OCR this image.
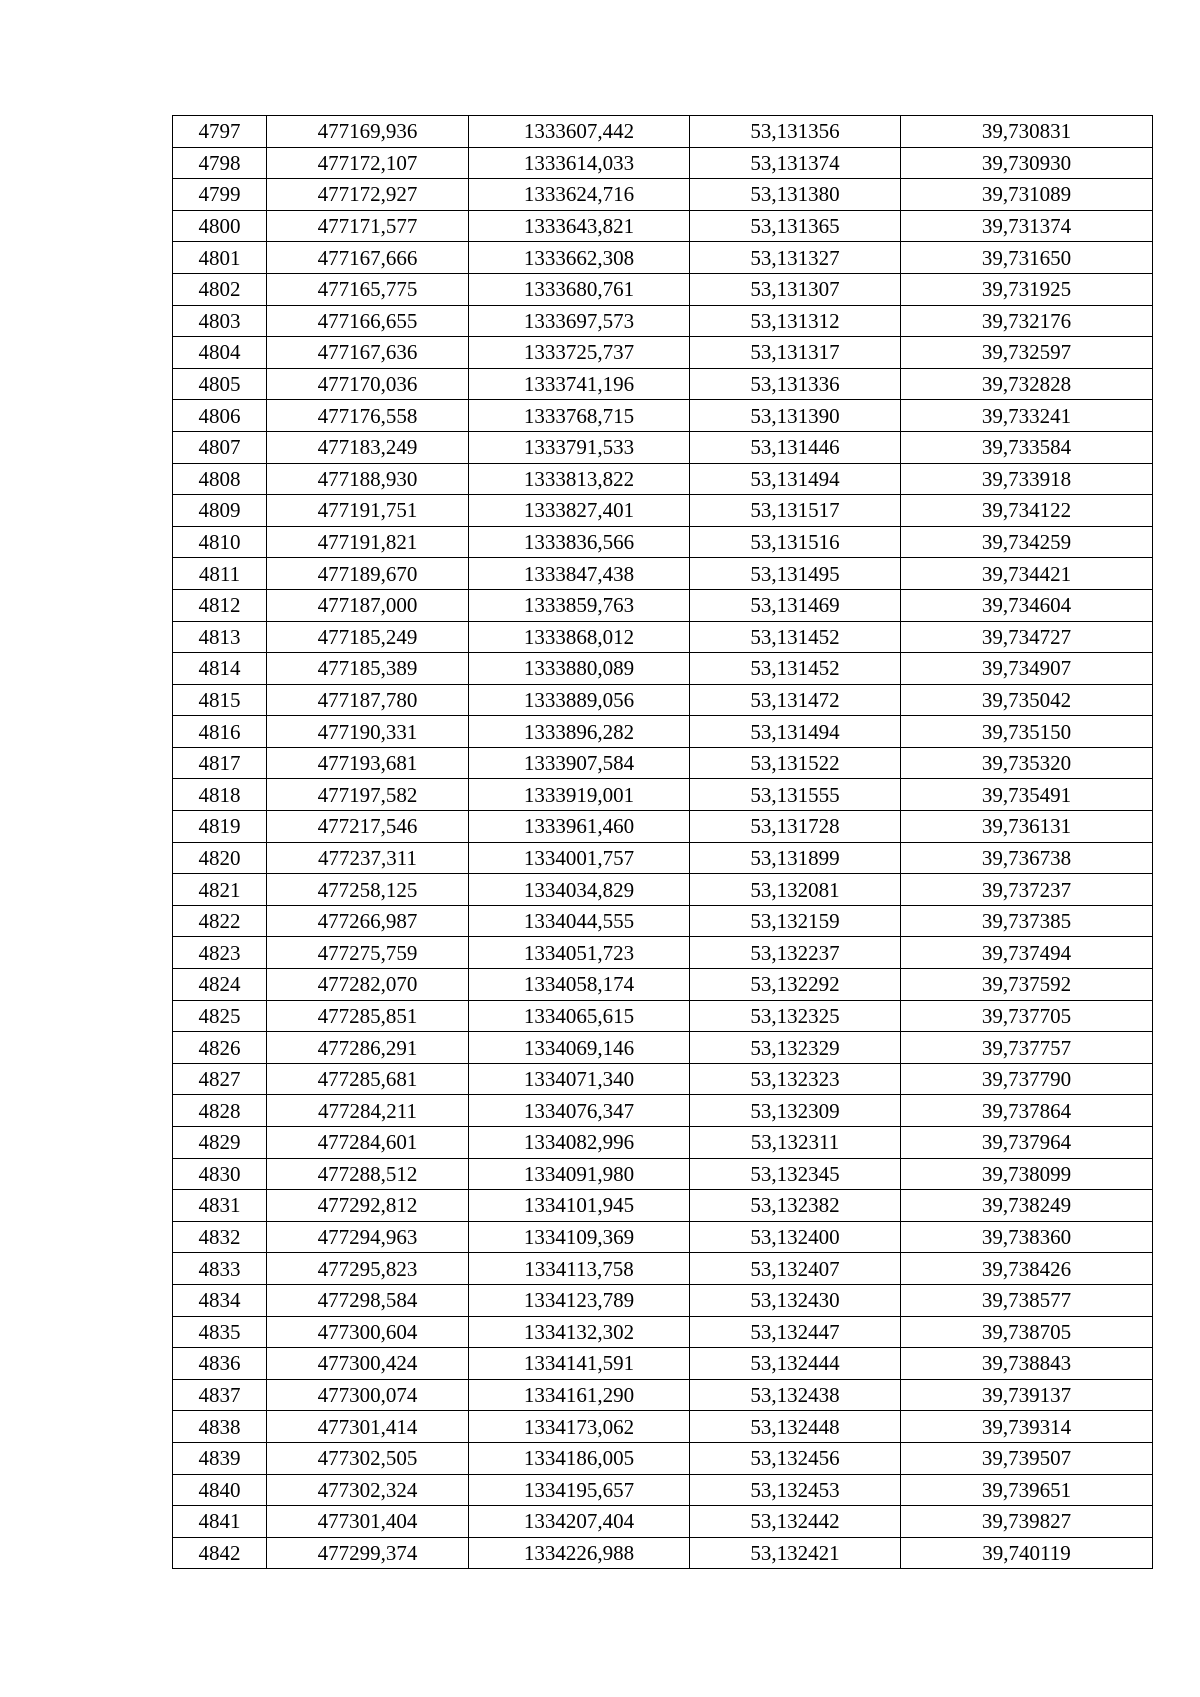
4797	477169,936	1333607,442	53,131356	39,730831
4798	477172,107	1333614,033	53,131374	39,730930
4799	477172,927	1333624,716	53,131380	39,731089
4800	477171,577	1333643,821	53,131365	39,731374
4801	477167,666	1333662,308	53,131327	39,731650
4802	477165,775	1333680,761	53,131307	39,731925
4803	477166,655	1333697,573	53,131312	39,732176
4804	477167,636	1333725,737	53,131317	39,732597
4805	477170,036	1333741,196	53,131336	39,732828
4806	477176,558	1333768,715	53,131390	39,733241
4807	477183,249	1333791,533	53,131446	39,733584
4808	477188,930	1333813,822	53,131494	39,733918
4809	477191,751	1333827,401	53,131517	39,734122
4810	477191,821	1333836,566	53,131516	39,734259
4811	477189,670	1333847,438	53,131495	39,734421
4812	477187,000	1333859,763	53,131469	39,734604
4813	477185,249	1333868,012	53,131452	39,734727
4814	477185,389	1333880,089	53,131452	39,734907
4815	477187,780	1333889,056	53,131472	39,735042
4816	477190,331	1333896,282	53,131494	39,735150
4817	477193,681	1333907,584	53,131522	39,735320
4818	477197,582	1333919,001	53,131555	39,735491
4819	477217,546	1333961,460	53,131728	39,736131
4820	477237,311	1334001,757	53,131899	39,736738
4821	477258,125	1334034,829	53,132081	39,737237
4822	477266,987	1334044,555	53,132159	39,737385
4823	477275,759	1334051,723	53,132237	39,737494
4824	477282,070	1334058,174	53,132292	39,737592
4825	477285,851	1334065,615	53,132325	39,737705
4826	477286,291	1334069,146	53,132329	39,737757
4827	477285,681	1334071,340	53,132323	39,737790
4828	477284,211	1334076,347	53,132309	39,737864
4829	477284,601	1334082,996	53,132311	39,737964
4830	477288,512	1334091,980	53,132345	39,738099
4831	477292,812	1334101,945	53,132382	39,738249
4832	477294,963	1334109,369	53,132400	39,738360
4833	477295,823	1334113,758	53,132407	39,738426
4834	477298,584	1334123,789	53,132430	39,738577
4835	477300,604	1334132,302	53,132447	39,738705
4836	477300,424	1334141,591	53,132444	39,738843
4837	477300,074	1334161,290	53,132438	39,739137
4838	477301,414	1334173,062	53,132448	39,739314
4839	477302,505	1334186,005	53,132456	39,739507
4840	477302,324	1334195,657	53,132453	39,739651
4841	477301,404	1334207,404	53,132442	39,739827
4842	477299,374	1334226,988	53,132421	39,740119
